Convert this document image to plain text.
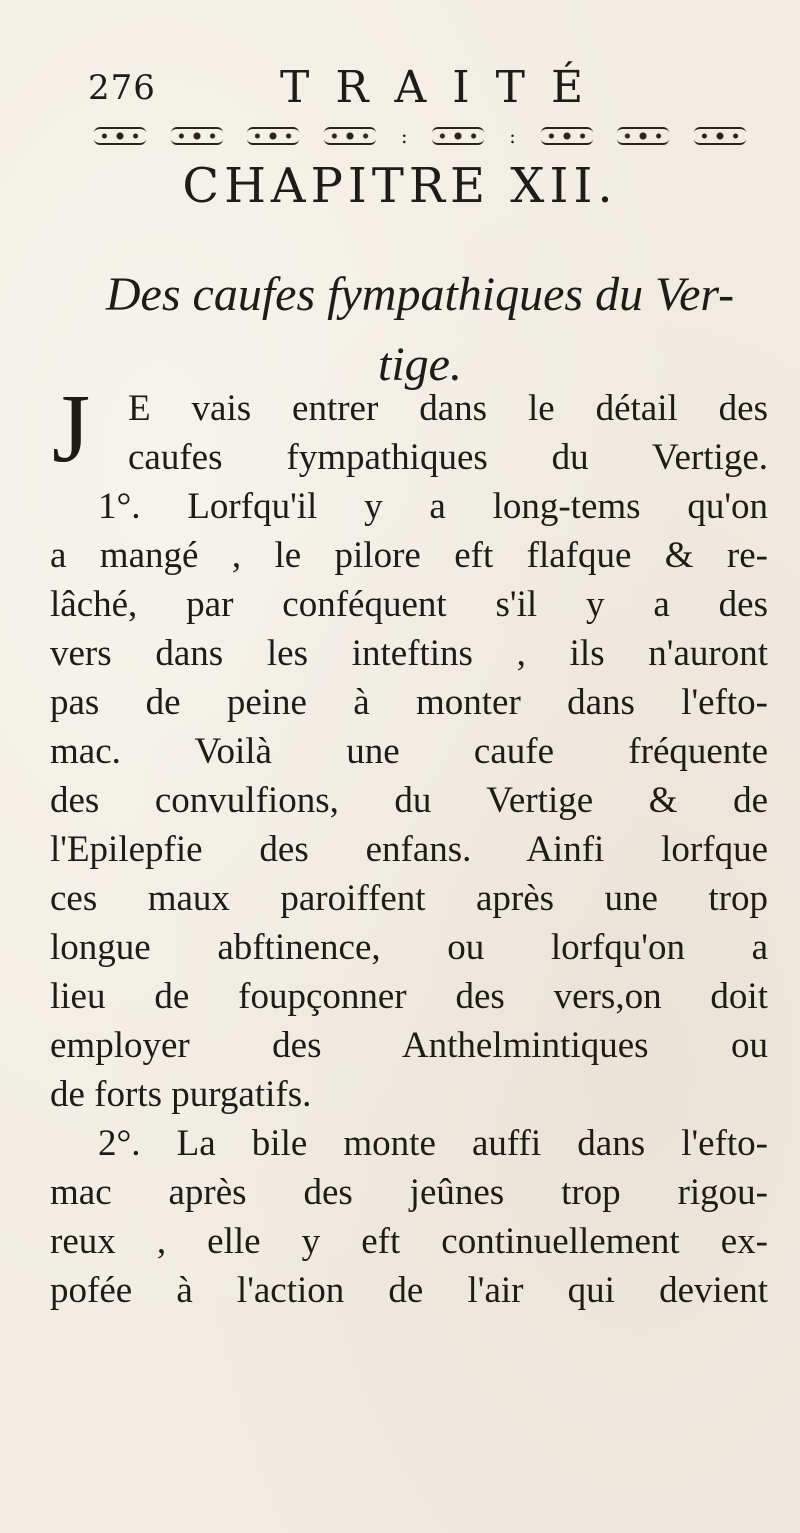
276	TRAITÉ
:	:
CHAPITRE XII.
Des caufes fympathiques du Ver-
tige.
J	E vais entrer dans le détail des
caufes fympathiques du Vertige.
1°. Lorfqu'il y a long-tems qu'on
a mangé , le pilore eft flafque & re-
lâché, par conféquent s'il y a des
vers dans les inteftins , ils n'auront
pas de peine à monter dans l'efto-
mac. Voilà une caufe fréquente
des convulfions, du Vertige & de
l'Epilepfie des enfans. Ainfi lorfque
ces maux paroiffent après une trop
longue abftinence, ou lorfqu'on a
lieu de foupçonner des vers,on doit
employer des Anthelmintiques ou
de forts purgatifs.
2°. La bile monte auffi dans l'efto-
mac après des jeûnes trop rigou-
reux , elle y eft continuellement ex-
pofée à l'action de l'air qui devient
